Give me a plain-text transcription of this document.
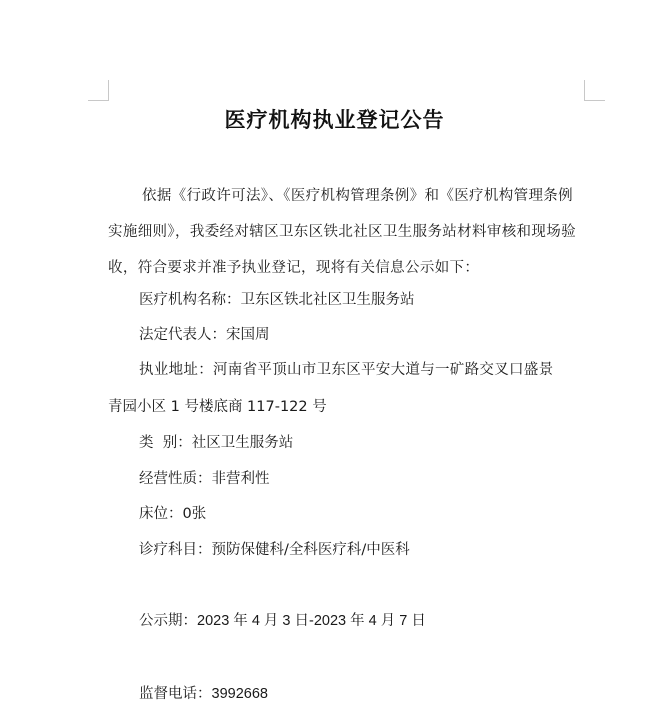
医疗机构执业登记公告
依据《行政许可法》、《医疗机构管理条例》和《医疗机构管理条例实施细则》，我委经对辖区卫东区铁北社区卫生服务站材料审核和现场验收，符合要求并准予执业登记，现将有关信息公示如下：
医疗机构名称：卫东区铁北社区卫生服务站
法定代表人：宋国周
执业地址：河南省平顶山市卫东区平安大道与一矿路交叉口盛景
青园小区 1 号楼底商 117-122 号
类  别：社区卫生服务站
经营性质：非营利性
床位：0张
诊疗科目：预防保健科/全科医疗科/中医科
公示期：2023 年 4 月 3 日-2023 年 4 月 7 日
监督电话：3992668
